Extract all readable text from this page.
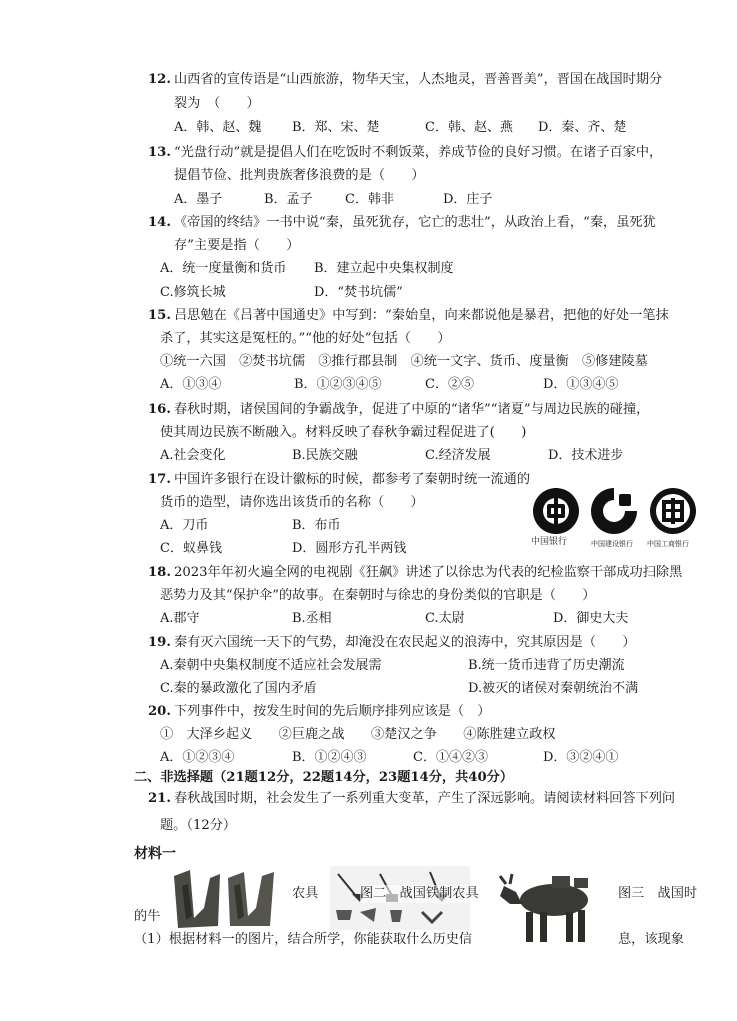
12. 山西省的宣传语是“山西旅游，物华天宝，人杰地灵，晋善晋美”，晋国在战国时期分
裂为　（　　）
A．韩、赵、魏 B．郑、宋、楚	C．韩、赵、燕 D．秦、齐、楚
13. “光盘行动”就是提倡人们在吃饭时不剩饭菜，养成节俭的良好习惯。在诸子百家中，
提倡节俭、批判贵族奢侈浪费的是（　　）
A．墨子	B．孟子 C．韩非	D．庄子
14. 《帝国的终结》一书中说“秦，虽死犹存，它亡的悲壮”，从政治上看，“秦，虽死犹
存”主要是指（　　）
A．统一度量衡和货币 B．建立起中央集权制度
C.修筑长城	D．“焚书坑儒”
15. 吕思勉在《吕著中国通史》中写到：“秦始皇，向来都说他是暴君，把他的好处一笔抹
杀了，其实这是冤枉的。”“他的好处”包括（　　）
①统一六国　②焚书坑儒　③推行郡县制　④统一文字、货币、度量衡　⑤修建陵墓
A．①③④	B．①②③④⑤	C．②⑤	D．①③④⑤
16. 春秋时期，诸侯国间的争霸战争，促进了中原的“诸华”“诸夏”与周边民族的碰撞，
使其周边民族不断融入。材料反映了春秋争霸过程促进了(　　)
A.社会变化	B.民族交融	C.经济发展	D．技术进步
17. 中国许多银行在设计徽标的时候，都参考了秦朝时统一流通的
货币的造型，请你选出该货币的名称（　　）
A．刀币	B．布币
C．蚁鼻钱	D．圆形方孔半两钱	中国银行	中国建设银行 中国工商银行
18. 2023年年初火遍全网的电视剧《狂飙》讲述了以徐忠为代表的纪检监察干部成功扫除黑
恶势力及其“保护伞”的故事。在秦朝时与徐忠的身份类似的官职是（　　）
A.郡守	B.丞相	C.太尉	D．御史大夫
19. 秦有灭六国统一天下的气势，却淹没在农民起义的浪涛中，究其原因是（　　）
A.秦朝中央集权制度不适应社会发展需	B.统一货币违背了历史潮流
C.秦的暴政激化了国内矛盾	D.被灭的诸侯对秦朝统治不满
20. 下列事件中，按发生时间的先后顺序排列应该是（　）
①　大泽乡起义　　②巨鹿之战　　③楚汉之争　　④陈胜建立政权
A．①②③④	B．①②④③	C．①④②③	D．③②④①
二、非选择题（21题12分，22题14分，23题14分，共40分）
21. 春秋战国时期，社会发生了一系列重大变革，产生了深远影响。请阅读材料回答下列问
题。（12分）
材料一
农具
的牛
图二　战国铁制农具	图三　战国时
（1）根据材料一的图片，结合所学，你能获取什么历史信	息，该现象
